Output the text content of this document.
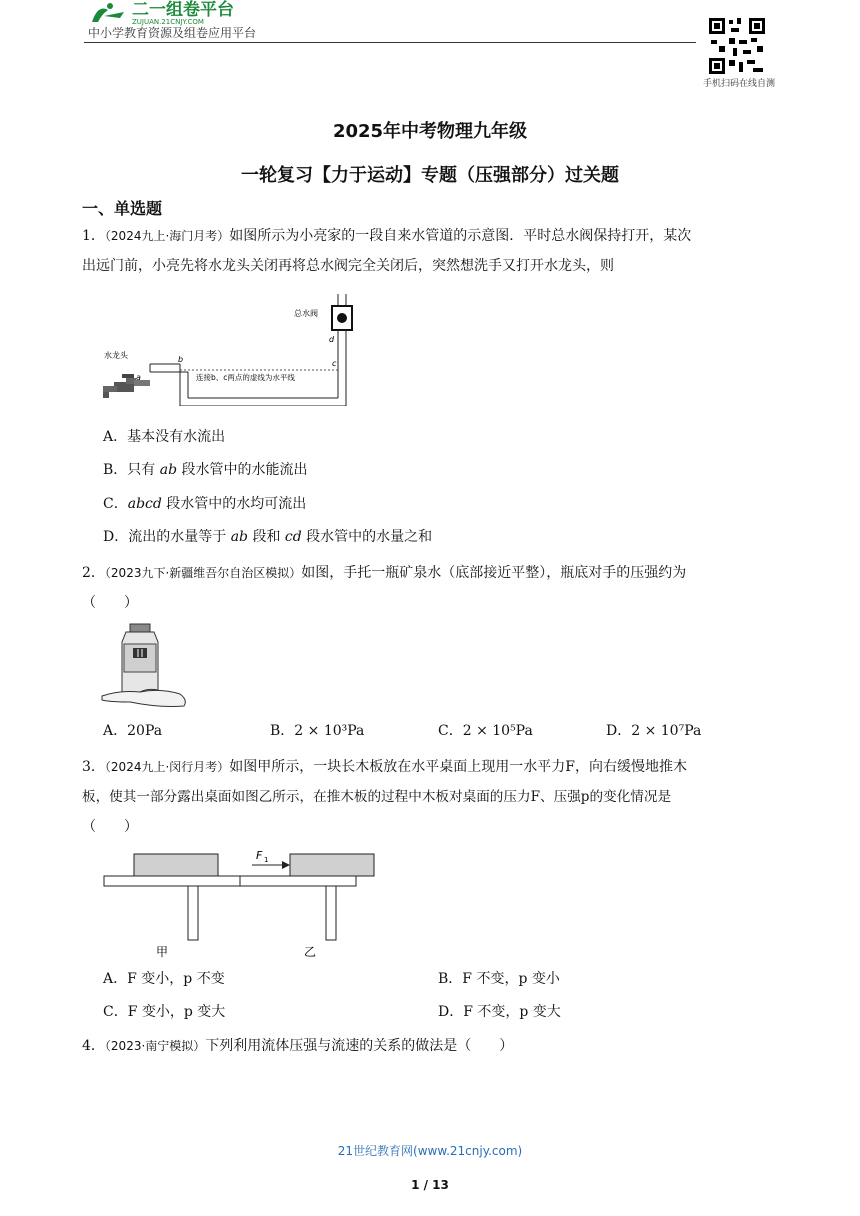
二一组卷平台
ZUJUAN.21CNJY.COM
中小学教育资源及组卷应用平台
手机扫码在线自测
2025年中考物理九年级
一轮复习【力于运动】专题（压强部分）过关题
一、单选题
1．（2024九上·海门月考）如图所示为小亮家的一段自来水管道的示意图．平时总水阀保持打开，某次
出远门前，小亮先将水龙头关闭再将总水阀完全关闭后，突然想洗手又打开水龙头，则
总水阀
d
c
b
连接b、c两点的虚线为水平线
水龙头
a
A．基本没有水流出
B．只有 ab 段水管中的水能流出
C．abcd 段水管中的水均可流出
D．流出的水量等于 ab 段和 cd 段水管中的水量之和
2．（2023九下·新疆维吾尔自治区模拟）如图，手托一瓶矿泉水（底部接近平整），瓶底对手的压强约为
（　　）
A．20Pa	B．2 × 10³Pa	C．2 × 10⁵Pa	D．2 × 10⁷Pa
3．（2024九上·闵行月考）如图甲所示，一块长木板放在水平桌面上现用一水平力F，向右缓慢地推木
板，使其一部分露出桌面如图乙所示，在推木板的过程中木板对桌面的压力F、压强p的变化情况是
（　　）
甲	乙
F 1
A．F 变小，p 不变	B．F 不变，p 变小
C．F 变小，p 变大	D．F 不变，p 变大
4．（2023·南宁模拟）下列利用流体压强与流速的关系的做法是（　　）
21世纪教育网(www.21cnjy.com)
1 / 13
